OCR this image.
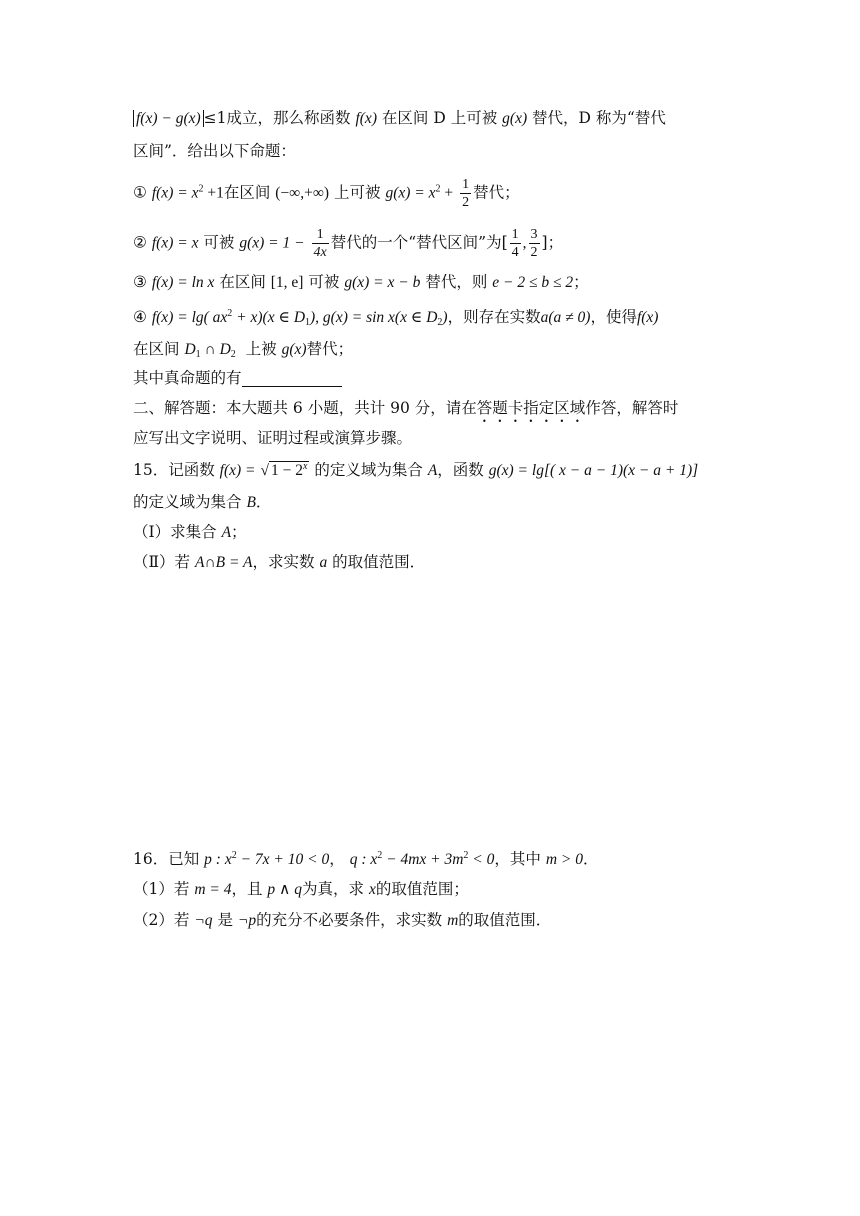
f(x) − g(x) ≤1成立，那么称函数 f(x) 在区间 D 上可被 g(x) 替代，D 称为“替代
区间”．给出以下命题：
① $f(x) = x^2 +1$在区间 (−∞,+∞) 上可被 $g(x) = x^2 + \frac{1}{2}$ 替代；
② f(x) = x 可被 $g(x) = 1 - \frac{1}{4x}$ 替代的一个“替代区间”为[ $\frac{1}{4}$ , $\frac{3}{2}$ ]；
③ f(x) = ln x 在区间 [1, e] 可被 g(x) = x − b 替代，则 e − 2 ≤ b ≤ 2；
④ f(x) = lg( $ax^2 + x)(x$ ∈ $D_1$), g(x) = sin x(x ∈ $D_2$)，则存在实数a(a ≠ 0)，使得f(x)
在区间 $D_1$ ∩ $D_2$ 上被 g(x)替代；
其中真命题的有
二、解答题：本大题共 6 小题，共计 90 分，请在答题卡指定区域作答，解答时
应写出文字说明、证明过程或演算步骤。
15．记函数 f(x) = √ $1 - 2^x$ 的定义域为集合 A，函数 g(x) = lg[( x − a − 1)(x − a + 1)]
的定义域为集合 B．
（Ⅰ）求集合 A；
（Ⅱ）若 A∩B = A，求实数 a 的取值范围．
16．已知 p : $x^2 - 7x + 10 < 0$， q : $x^2 - 4mx + 3m^2 < 0$，其中 m > 0．
（1）若 m = 4，且 p ∧ q为真，求 x的取值范围；
（2）若 ¬q 是 ¬p的充分不必要条件，求实数 m的取值范围．
